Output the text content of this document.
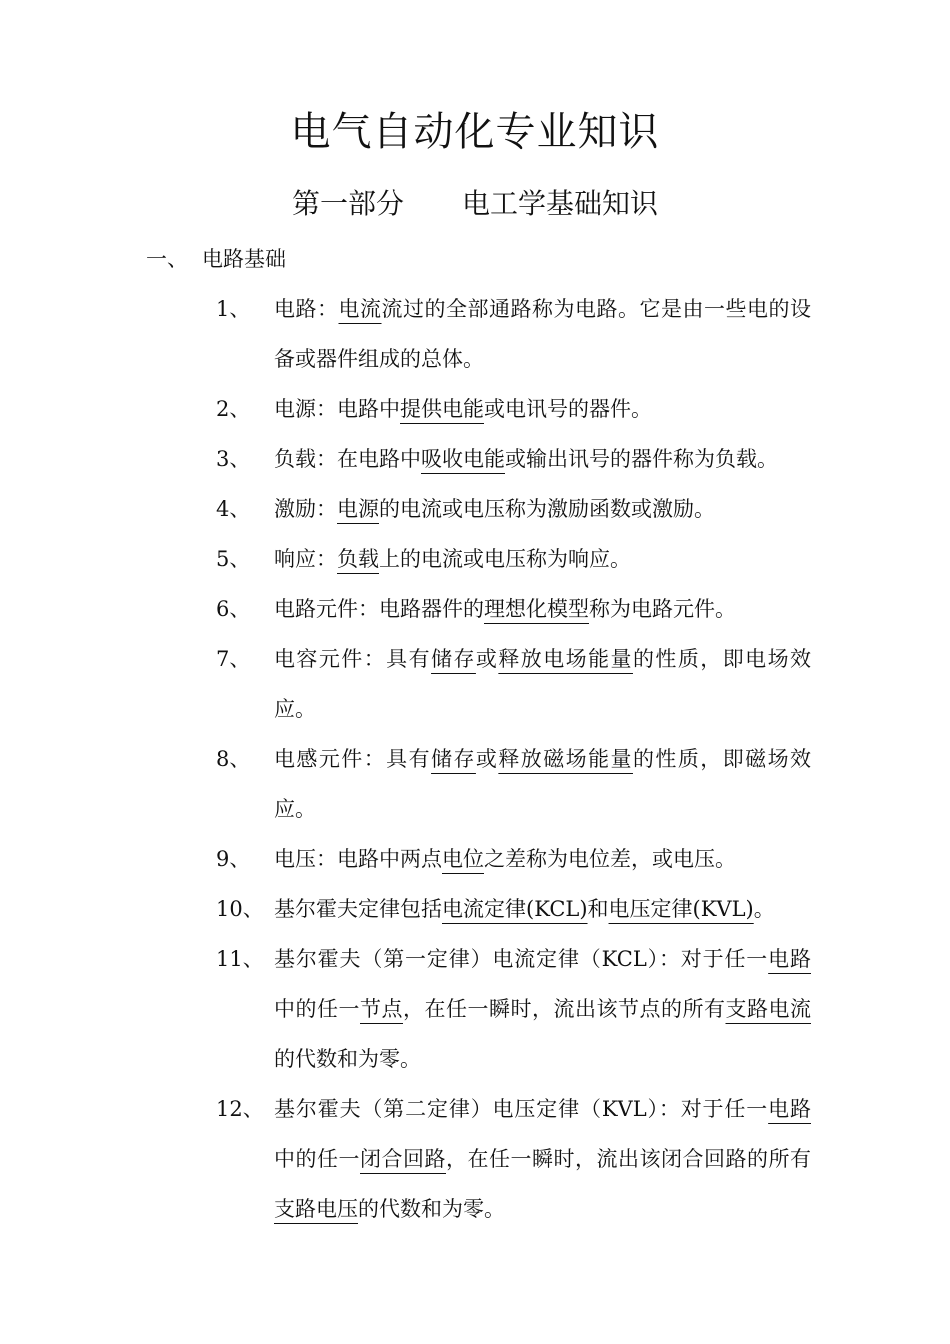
电气自动化专业知识
第一部分 电工学基础知识
一、 电路基础
1、 电路：电流流过的全部通路称为电路。它是由一些电的设备或器件组成的总体。
2、 电源：电路中提供电能或电讯号的器件。
3、 负载：在电路中吸收电能或输出讯号的器件称为负载。
4、 激励：电源的电流或电压称为激励函数或激励。
5、 响应：负载上的电流或电压称为响应。
6、 电路元件：电路器件的理想化模型称为电路元件。
7、 电容元件：具有储存或释放电场能量的性质，即电场效应。
8、 电感元件：具有储存或释放磁场能量的性质，即磁场效应。
9、 电压：电路中两点电位之差称为电位差，或电压。
10、 基尔霍夫定律包括电流定律(KCL)和电压定律(KVL)。
11、 基尔霍夫（第一定律）电流定律（KCL）：对于任一电路中的任一节点，在任一瞬时，流出该节点的所有支路电流的代数和为零。
12、 基尔霍夫（第二定律）电压定律（KVL）：对于任一电路中的任一闭合回路，在任一瞬时，流出该闭合回路的所有支路电压的代数和为零。
